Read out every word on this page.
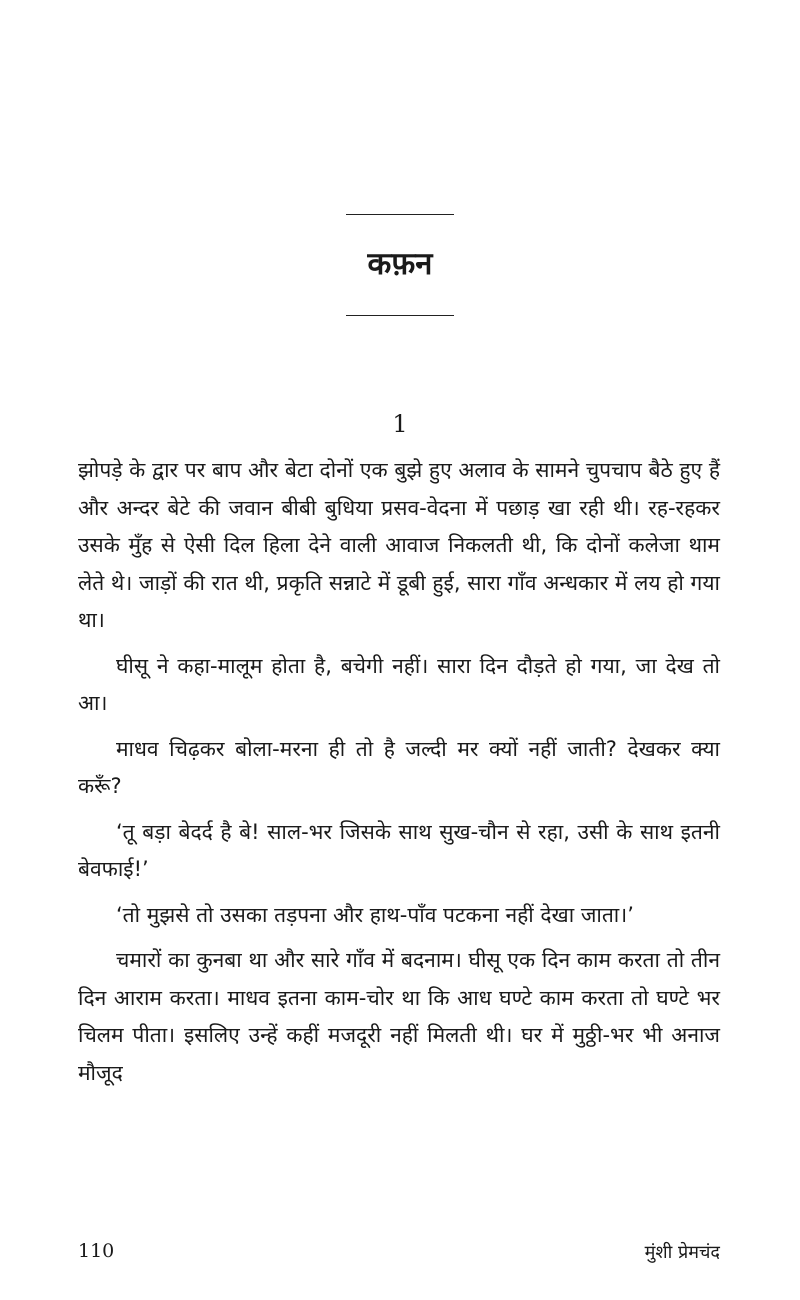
कफ़न
1

झोपड़े के द्वार पर बाप और बेटा दोनों एक बुझे हुए अलाव के सामने चुपचाप बैठे हुए हैं और अन्दर बेटे की जवान बीबी बुधिया प्रसव-वेदना में पछाड़ खा रही थी। रह-रहकर उसके मुँह से ऐसी दिल हिला देने वाली आवाज निकलती थी, कि दोनों कलेजा थाम लेते थे। जाड़ों की रात थी, प्रकृति सन्नाटे में डूबी हुई, सारा गाँव अन्धकार में लय हो गया था।

घीसू ने कहा-मालूम होता है, बचेगी नहीं। सारा दिन दौड़ते हो गया, जा देख तो आ।

माधव चिढ़कर बोला-मरना ही तो है जल्दी मर क्यों नहीं जाती? देखकर क्या करूँ?

‘तू बड़ा बेदर्द है बे! साल-भर जिसके साथ सुख-चौन से रहा, उसी के साथ इतनी बेवफाई!’

‘तो मुझसे तो उसका तड़पना और हाथ-पाँव पटकना नहीं देखा जाता।’

चमारों का कुनबा था और सारे गाँव में बदनाम। घीसू एक दिन काम करता तो तीन दिन आराम करता। माधव इतना काम-चोर था कि आध घण्टे काम करता तो घण्टे भर चिलम पीता। इसलिए उन्हें कहीं मजदूरी नहीं मिलती थी। घर में मुठ्ठी-भर भी अनाज मौजूद

110	मुंशी प्रेमचंद
